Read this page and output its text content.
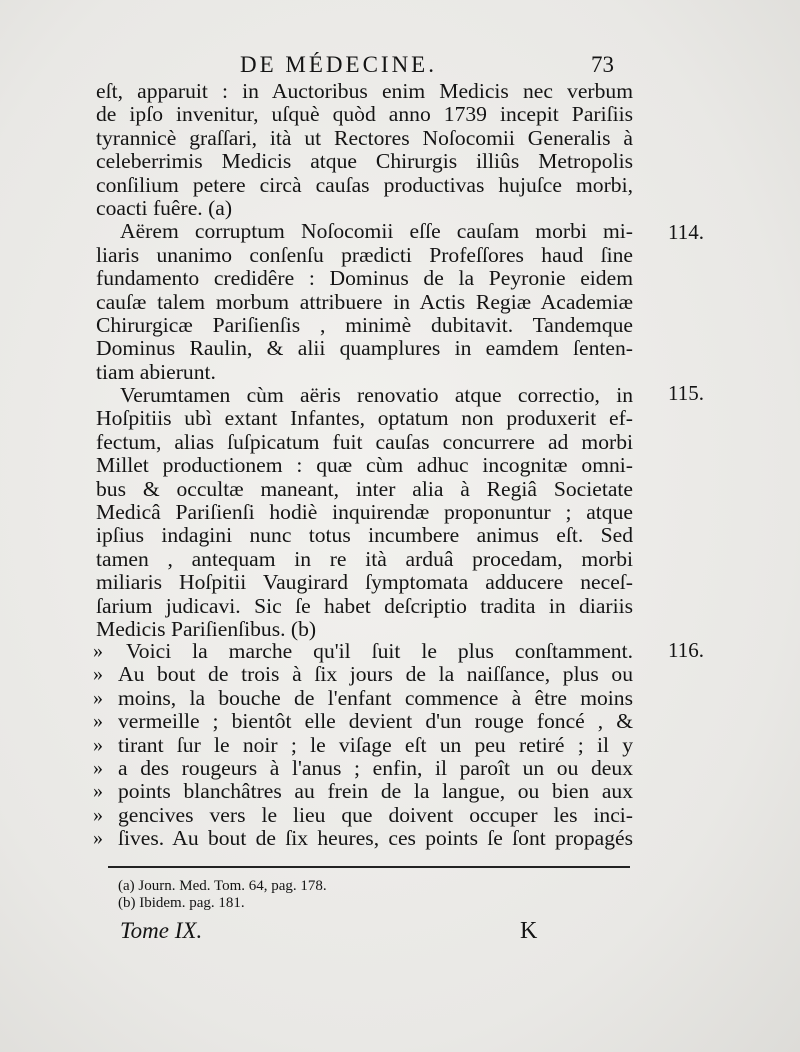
DE MÉDECINE.	73
eſt, apparuit : in Auctoribus enim Medicis nec verbum
de ipſo invenitur, uſquè quòd anno 1739 incepit Pariſiis
tyrannicè graſſari, ità ut Rectores Noſocomii Generalis à
celeberrimis Medicis atque Chirurgis illiûs Metropolis
conſilium petere circà cauſas productivas hujuſce morbi,
coacti fuêre. (a)
Aërem corruptum Noſocomii eſſe cauſam morbi mi-
liaris unanimo conſenſu prædicti Profeſſores haud ſine
fundamento credidêre : Dominus de la Peyronie eidem
cauſæ talem morbum attribuere in Actis Regiæ Academiæ
Chirurgicæ Pariſienſis , minimè dubitavit. Tandemque
Dominus Raulin, & alii quamplures in eamdem ſenten-
tiam abierunt.
Verumtamen cùm aëris renovatio atque correctio, in
Hoſpitiis ubì extant Infantes, optatum non produxerit ef-
fectum, alias ſuſpicatum fuit cauſas concurrere ad morbi
Millet productionem : quæ cùm adhuc incognitæ omni-
bus & occultæ maneant, inter alia à Regiâ Societate
Medicâ Pariſienſi hodiè inquirendæ proponuntur ; atque
ipſius indagini nunc totus incumbere animus eſt. Sed
tamen , antequam in re ità arduâ procedam, morbi
miliaris Hoſpitii Vaugirard ſymptomata adducere neceſ-
ſarium judicavi. Sic ſe habet deſcriptio tradita in diariis
Medicis Pariſienſibus. (b)
»
»
»
»
»
»
»
»
»
Voici la marche qu'il ſuit le plus conſtamment.
Au bout de trois à ſix jours de la naiſſance, plus ou
moins, la bouche de l'enfant commence à être moins
vermeille ; bientôt elle devient d'un rouge foncé , &
tirant ſur le noir ; le viſage eſt un peu retiré ; il y
a des rougeurs à l'anus ; enfin, il paroît un ou deux
points blanchâtres au frein de la langue, ou bien aux
gencives vers le lieu que doivent occuper les inci-
ſives. Au bout de ſix heures, ces points ſe ſont propagés
114.
115.
116.
(a) Journ. Med. Tom. 64, pag. 178.
(b) Ibidem. pag. 181.
Tome IX.	K
